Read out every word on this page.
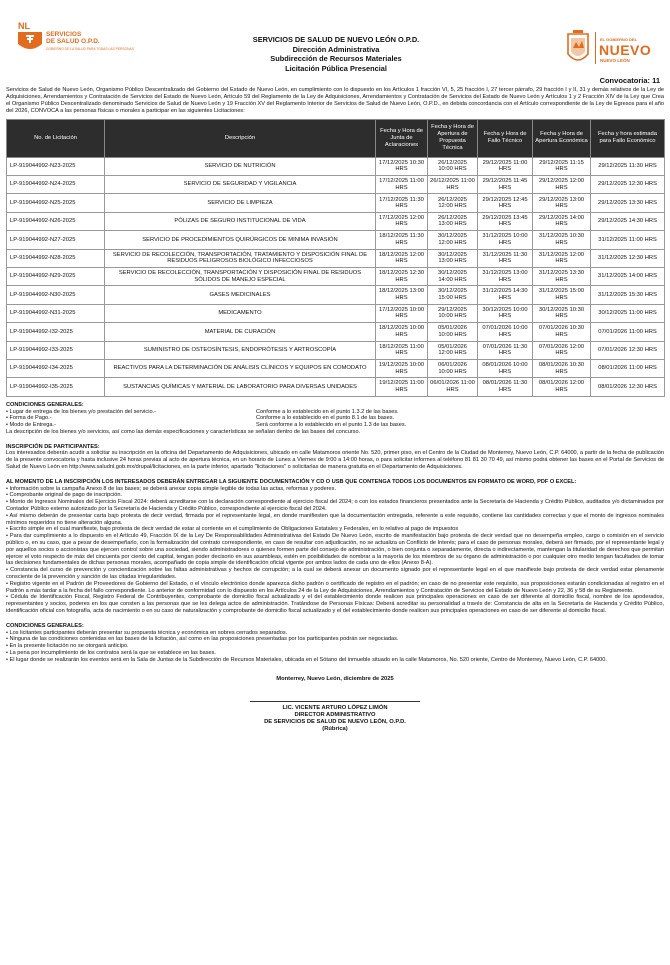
NL
SERVICIOS
DE SALUD O.P.D.
GOBIERNO DE LA SALUD PARA TODAS LAS PERSONAS
SERVICIOS DE SALUD DE NUEVO LEÓN O.P.D.
Dirección Administrativa
Subdirección de Recursos Materiales
Licitación Pública Presencial
EL GOBIERNO DEL
NUEVO
NUEVO LEÓN
Convocatoria: 11

Servicios de Salud de Nuevo León, Organismo Público Descentralizado del Gobierno del Estado de Nuevo León, en cumplimiento con lo dispuesto en los Artículos 1 fracción VI, 5, 25 fracción I, 27 tercer párrafo, 29 fracción I y II, 31 y demás relativos de la Ley de Adquisiciones, Arrendamientos y Contratación de Servicios del Estado de Nuevo León, Artículo 59 del Reglamento de la Ley de Adquisiciones, Arrendamientos y Contratación de Servicios del Estado de Nuevo León y Artículos 1 y 2 Fracción XIV de la Ley que Crea el Organismo Público Descentralizado denominado Servicios de Salud de Nuevo León y 19 Fracción XV del Reglamento Interior de Servicios de Salud de Nuevo León, O.P.D., en debida concordancia con el Artículo correspondiente de la Ley de Egresos para el año del 2026, CONVOCA a las personas físicas o morales a participar en las siguientes Licitaciones:

No. de Licitación	Descripción	Fecha y Hora de Junta de Aclaraciones	Fecha y Hora de Apertura de Propuesta Técnica	Fecha y Hora de Fallo Técnico	Fecha y Hora de Apertura Económica	Fecha y hora estimada para Fallo Económico
LP-919044992-N23-2025	SERVICIO DE NUTRICIÓN	17/12/2025 10:30 HRS	26/12/2025 10:00 HRS	29/12/2025 11:00 HRS	29/12/2025 11:15 HRS	29/12/2025 11:30 HRS
LP-919044992-N24-2025	SERVICIO DE SEGURIDAD Y VIGILANCIA	17/12/2025 11:00 HRS	26/12/2025 11:00 HRS	29/12/2025 11:45 HRS	29/12/2025 12:00 HRS	29/12/2025 12:30 HRS
LP-919044992-N25-2025	SERVICIO DE LIMPIEZA	17/12/2025 11:30 HRS	26/12/2025 12:00 HRS	29/12/2025 12:45 HRS	29/12/2025 13:00 HRS	29/12/2025 13:30 HRS
LP-919044992-N26-2025	PÓLIZAS DE SEGURO INSTITUCIONAL DE VIDA	17/12/2025 12:00 HRS	26/12/2025 13:00 HRS	29/12/2025 13:45 HRS	29/12/2025 14:00 HRS	29/12/2025 14:30 HRS
LP-919044992-N27-2025	SERVICIO DE PROCEDIMIENTOS QUIRÚRGICOS DE MINIMA INVASIÓN	18/12/2025 11:30 HRS	30/12/2025 12:00 HRS	31/12/2025 10:00 HRS	31/12/2025 10:30 HRS	31/12/2025 11:00 HRS
LP-919044992-N28-2025	SERVICIO DE RECOLECCIÓN, TRANSPORTACIÓN, TRATAMIENTO Y DISPOSICIÓN FINAL DE RESIDUOS PELIGROSOS BIOLÓGICO INFECCIOSOS	18/12/2025 12:00 HRS	30/12/2025 13:00 HRS	31/12/2025 11:30 HRS	31/12/2025 12:00 HRS	31/12/2025 12:30 HRS
LP-919044992-N29-2025	SERVICIO DE RECOLECCIÓN, TRANSPORTACIÓN Y DISPOSICIÓN FINAL DE RESIDUOS SÓLIDOS DE MANEJO ESPECIAL	18/12/2025 12:30 HRS	30/12/2025 14:00 HRS	31/12/2025 13:00 HRS	31/12/2025 13:30 HRS	31/12/2025 14:00 HRS
LP-919044992-N30-2025	GASES MEDICINALES	18/12/2025 13:00 HRS	30/12/2025 15:00 HRS	31/12/2025 14:30 HRS	31/12/2025 15:00 HRS	31/12/2025 15:30 HRS
LP-919044992-N31-2025	MEDICAMENTO	17/12/2025 10:00 HRS	29/12/2025 10:00 HRS	30/12/2025 10:00 HRS	30/12/2025 10:30 HRS	30/12/2025 11:00 HRS
LP-919044992-I32-2025	MATERIAL DE CURACIÓN	18/12/2025 10:00 HRS	05/01/2026 10:00 HRS	07/01/2026 10:00 HRS	07/01/2026 10:30 HRS	07/01/2026 11:00 HRS
LP-919044992-I33-2025	SUMINISTRO DE OSTEOSÍNTESIS, ENDOPRÓTESIS Y ARTROSCOPÍA	18/12/2025 11:00 HRS	05/01/2026 12:00 HRS	07/01/2026 11:30 HRS	07/01/2026 12:00 HRS	07/01/2026 12:30 HRS
LP-919044992-I34-2025	REACTIVOS PARA LA DETERMINACIÓN DE ANÁLISIS CLÍNICOS Y EQUIPOS EN COMODATO	19/12/2025 10:00 HRS	06/01/2026 10:00 HRS	08/01/2026 10:00 HRS	08/01/2026 10:30 HRS	08/01/2026 11:00 HRS
LP-919044992-I35-2025	SUSTANCIAS QUÍMICAS Y MATERIAL DE LABORATORIO PARA DIVERSAS UNIDADES	19/12/2025 11:00 HRS	06/01/2026 11:00 HRS	08/01/2026 11:30 HRS	08/01/2026 12:00 HRS	08/01/2026 12:30 HRS
CONDICIONES GENERALES:
• Lugar de entrega de los bienes y/o prestación del servicio.-	Conforme a lo establecido en el punto 1.3.2 de las bases.
• Forma de Pago.-	Conforme a lo establecido en el punto 8.1 de las bases.
• Modo de Entrega.-	Será conforme a lo establecido en el punto 1.3 de las bases.
La descripción de los bienes y/o servicios, así como las demás especificaciones y características se señalan dentro de las bases del concurso.
INSCRIPCIÓN DE PARTICIPANTES:
Los interesados deberán acudir a solicitar su inscripción en la oficina del Departamento de Adquisiciones, ubicado en calle Matamoros oriente No. 520, primer piso, en el Centro de la Ciudad de Monterrey, Nuevo León, C.P. 64000, a partir de la fecha de publicación de la presente convocatoria y hasta inclusive 24 horas previas al acto de apertura técnica, en un horario de Lunes a Viernes de 9:00 a 14:00 horas, o para solicitar informes al teléfono 81 81 30 70 49, así mismo podrá obtener las bases en el Portal de Servicios de Salud de Nuevo León en http://www.saludnl.gob.mx/drupal/licitaciones, en la parte inferior, apartado "licitaciones" o solicitarlas de manera gratuita en el Departamento de Adquisiciones.
AL MOMENTO DE LA INSCRIPCIÓN LOS INTERESADOS DEBERÁN ENTREGAR LA SIGUIENTE DOCUMENTACIÓN Y CD O USB QUE CONTENGA TODOS LOS DOCUMENTOS EN FORMATO DE WORD, PDF O EXCEL:
• Información sobre la campaña Anexo 8 de las bases; se deberá anexar copia simple legible de todas las actas, reformas y poderes.
• Comprobante original de pago de inscripción.
• Monto de Ingresos Nominales del Ejercicio Fiscal 2024: deberá acreditarse con la declaración correspondiente al ejercicio fiscal del 2024; o con los estados financieros presentados ante la Secretaría de Hacienda y Crédito Público, auditados y/o dictaminados por Contador Público externo autorizado por la Secretaría de Hacienda y Crédito Público, correspondiente al ejercicio fiscal del 2024.
• Así mismo deberán de presentar carta bajo protesta de decir verdad, firmada por el representante legal, en donde manifiesten que la documentación entregada, referente a este requisito, contiene las cantidades correctas y que el monto de ingresos nominales mínimos requeridos no tiene alteración alguna.
• Escrito simple en el cual manifieste, bajo protesta de decir verdad de estar al corriente en el cumplimiento de Obligaciones Estatales y Federales, en lo relativo al pago de impuestos
• Para dar cumplimiento a lo dispuesto en el Artículo 49, Fracción IX de la Ley De Responsabilidades Administrativas del Estado De Nuevo León, escrito de manifestación bajo protesta de decir verdad que no desempeña empleo, cargo o comisión en el servicio público o, en su caso, que a pesar de desempeñarlo, con la formalización del contrato correspondiente, en caso de resultar con adjudicación, no se actualiza un Conflicto de Interés; para el caso de personas morales, deberá ser firmado, por el representante legal y por aquellos socios o accionistas que ejercen control sobre una sociedad, siendo administradores o quienes formen parte del consejo de administración, o bien conjunta o separadamente, directa o indirectamente, mantengan la titularidad de derechos que permitan ejercer el voto respecto de más del cincuenta por ciento del capital, tengan poder decisorio en sus asambleas, estén en posibilidades de nombrar a la mayoría de los miembros de su órgano de administración o por cualquier otro medio tengan facultades de tomar las decisiones fundamentales de dichas personas morales, acompañado de copia simple de identificación oficial vigente por ambos lados de cada uno de ellos (Anexo 8-A).
• Constancia del curso de prevención y concientización sobre las faltas administrativas y hechos de corrupción; a la cual se deberá anexar un documento signado por el representante legal en el que manifieste bajo protesta de decir verdad estar plenamente consciente de la prevención y sanción de las citadas irregularidades.
• Registro vigente en el Padrón de Proveedores de Gobierno del Estado, o el vínculo electrónico donde aparezca dicho padrón o certificado de registro en el padrón; en caso de no presentar este requisito, sus proposiciones estarán condicionadas al registro en el Padrón a más tardar a la fecha del fallo correspondiente. Lo anterior de conformidad con lo dispuesto en los Artículos 24 de la Ley de Adquisiciones, Arrendamientos y Contratación de Servicios del Estado de Nuevo León y 22, 36 y 58 de su Reglamento.
• Cédula de Identificación Fiscal, Registro Federal de Contribuyentes, comprobante de domicilio fiscal actualizado y el del establecimiento donde realicen sus principales operaciones en caso de ser diferente al domicilio fiscal, nombre de los apoderados, representantes y socios, poderes en los que consten a las personas que se les delega actos de administración. Tratándose de Personas Físicas: Deberá acreditar su personalidad a través de: Constancia de alta en la Secretaría de Hacienda y Crédito Público, identificación oficial con fotografía, acta de nacimiento o en su caso de naturalización y comprobante de domicilio fiscal actualizado y el del establecimiento donde realicen sus principales operaciones en caso de ser diferente al domicilio fiscal.
CONDICIONES GENERALES:
• Los licitantes participantes deberán presentar su propuesta técnica y económica en sobres cerrados separados.
• Ninguna de las condiciones contenidas en las bases de la licitación, así como en las proposiciones presentadas por los participantes podrán ser negociadas.
• En la presente licitación no se otorgará anticipo.
• La pena por incumplimiento de los contratos será la que se establece en las bases.
• El lugar donde se realizarán los eventos será en la Sala de Juntas de la Subdirección de Recursos Materiales, ubicada en el Sótano del inmueble situado en la calle Matamoros, No. 520 oriente, Centro de Monterrey, Nuevo León, C.P. 64000.
Monterrey, Nuevo León, diciembre de 2025
LIC. VICENTE ARTURO LÓPEZ LIMÓN
DIRECTOR ADMINISTRATIVO
DE SERVICIOS DE SALUD DE NUEVO LEÓN, O.P.D.
(Rúbrica)
